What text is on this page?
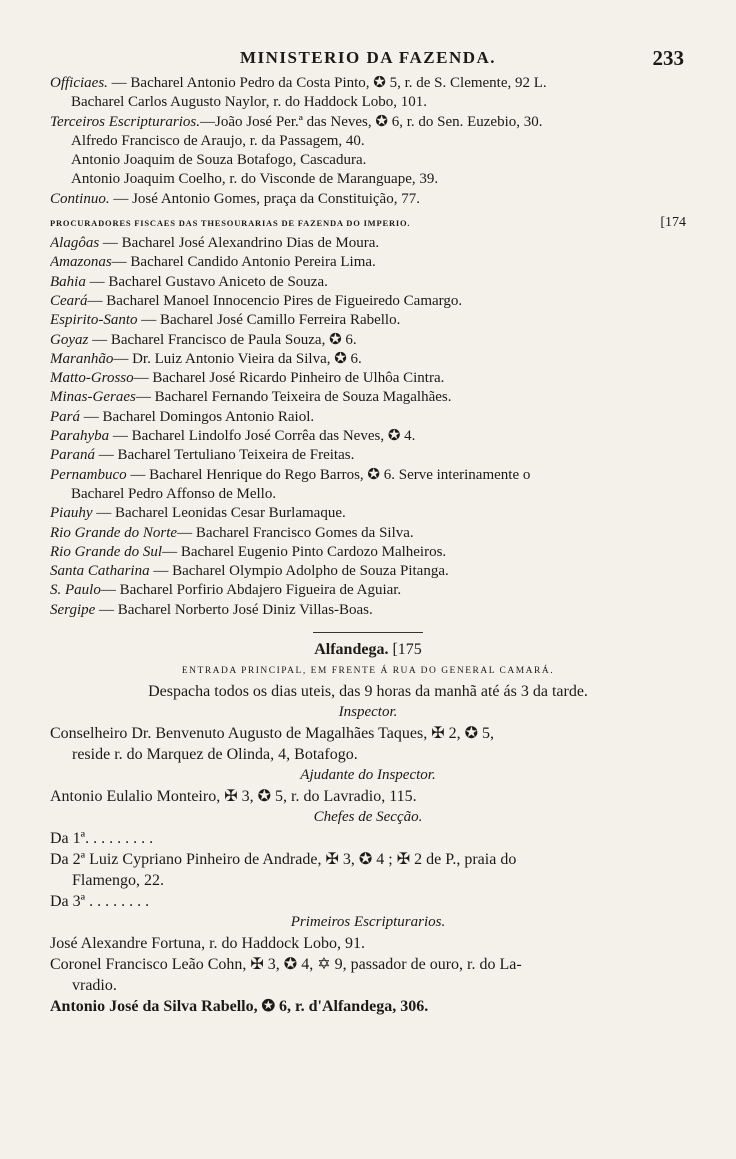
MINISTERIO DA FAZENDA.	233
Officiaes. — Bacharel Antonio Pedro da Costa Pinto, ✪ 5, r. de S. Clemente, 92 L.
Bacharel Carlos Augusto Naylor, r. do Haddock Lobo, 101.
Terceiros Escripturarios.—João José Per.ª das Neves, ✪ 6, r. do Sen. Euzebio, 30.
Alfredo Francisco de Araujo, r. da Passagem, 40.
Antonio Joaquim de Souza Botafogo, Cascadura.
Antonio Joaquim Coelho, r. do Visconde de Maranguape, 39.
Continuo. — José Antonio Gomes, praça da Constituição, 77.
PROCURADORES FISCAES DAS THESOURARIAS DE FAZENDA DO IMPERIO.	[174
Alagôas — Bacharel José Alexandrino Dias de Moura.
Amazonas— Bacharel Candido Antonio Pereira Lima.
Bahia — Bacharel Gustavo Aniceto de Souza.
Ceará— Bacharel Manoel Innocencio Pires de Figueiredo Camargo.
Espirito-Santo — Bacharel José Camillo Ferreira Rabello.
Goyaz — Bacharel Francisco de Paula Souza, ✪ 6.
Maranhão— Dr. Luiz Antonio Vieira da Silva, ✪ 6.
Matto-Grosso— Bacharel José Ricardo Pinheiro de Ulhôa Cintra.
Minas-Geraes— Bacharel Fernando Teixeira de Souza Magalhães.
Pará — Bacharel Domingos Antonio Raiol.
Parahyba — Bacharel Lindolfo José Corrêa das Neves, ✪ 4.
Paraná — Bacharel Tertuliano Teixeira de Freitas.
Pernambuco — Bacharel Henrique do Rego Barros, ✪ 6. Serve interinamente o
Bacharel Pedro Affonso de Mello.
Piauhy — Bacharel Leonidas Cesar Burlamaque.
Rio Grande do Norte— Bacharel Francisco Gomes da Silva.
Rio Grande do Sul— Bacharel Eugenio Pinto Cardozo Malheiros.
Santa Catharina — Bacharel Olympio Adolpho de Souza Pitanga.
S. Paulo— Bacharel Porfirio Abdajero Figueira de Aguiar.
Sergipe — Bacharel Norberto José Diniz Villas-Boas.
Alfandega. [175
ENTRADA PRINCIPAL, EM FRENTE Á RUA DO GENERAL CAMARÁ.
Despacha todos os dias uteis, das 9 horas da manhã até ás 3 da tarde.
Inspector.
Conselheiro Dr. Benvenuto Augusto de Magalhães Taques, ✠ 2, ✪ 5,
reside r. do Marquez de Olinda, 4, Botafogo.
Ajudante do Inspector.
Antonio Eulalio Monteiro, ✠ 3, ✪ 5, r. do Lavradio, 115.
Chefes de Secção.
Da 1ª. . . . . . . . .
Da 2ª Luiz Cypriano Pinheiro de Andrade, ✠ 3, ✪ 4 ; ✠ 2 de P., praia do
Flamengo, 22.
Da 3ª . . . . . . . .
Primeiros Escripturarios.
José Alexandre Fortuna, r. do Haddock Lobo, 91.
Coronel Francisco Leão Cohn, ✠ 3, ✪ 4, ✡ 9, passador de ouro, r. do La-
vradio.
Antonio José da Silva Rabello, ✪ 6, r. d'Alfandega, 306.
